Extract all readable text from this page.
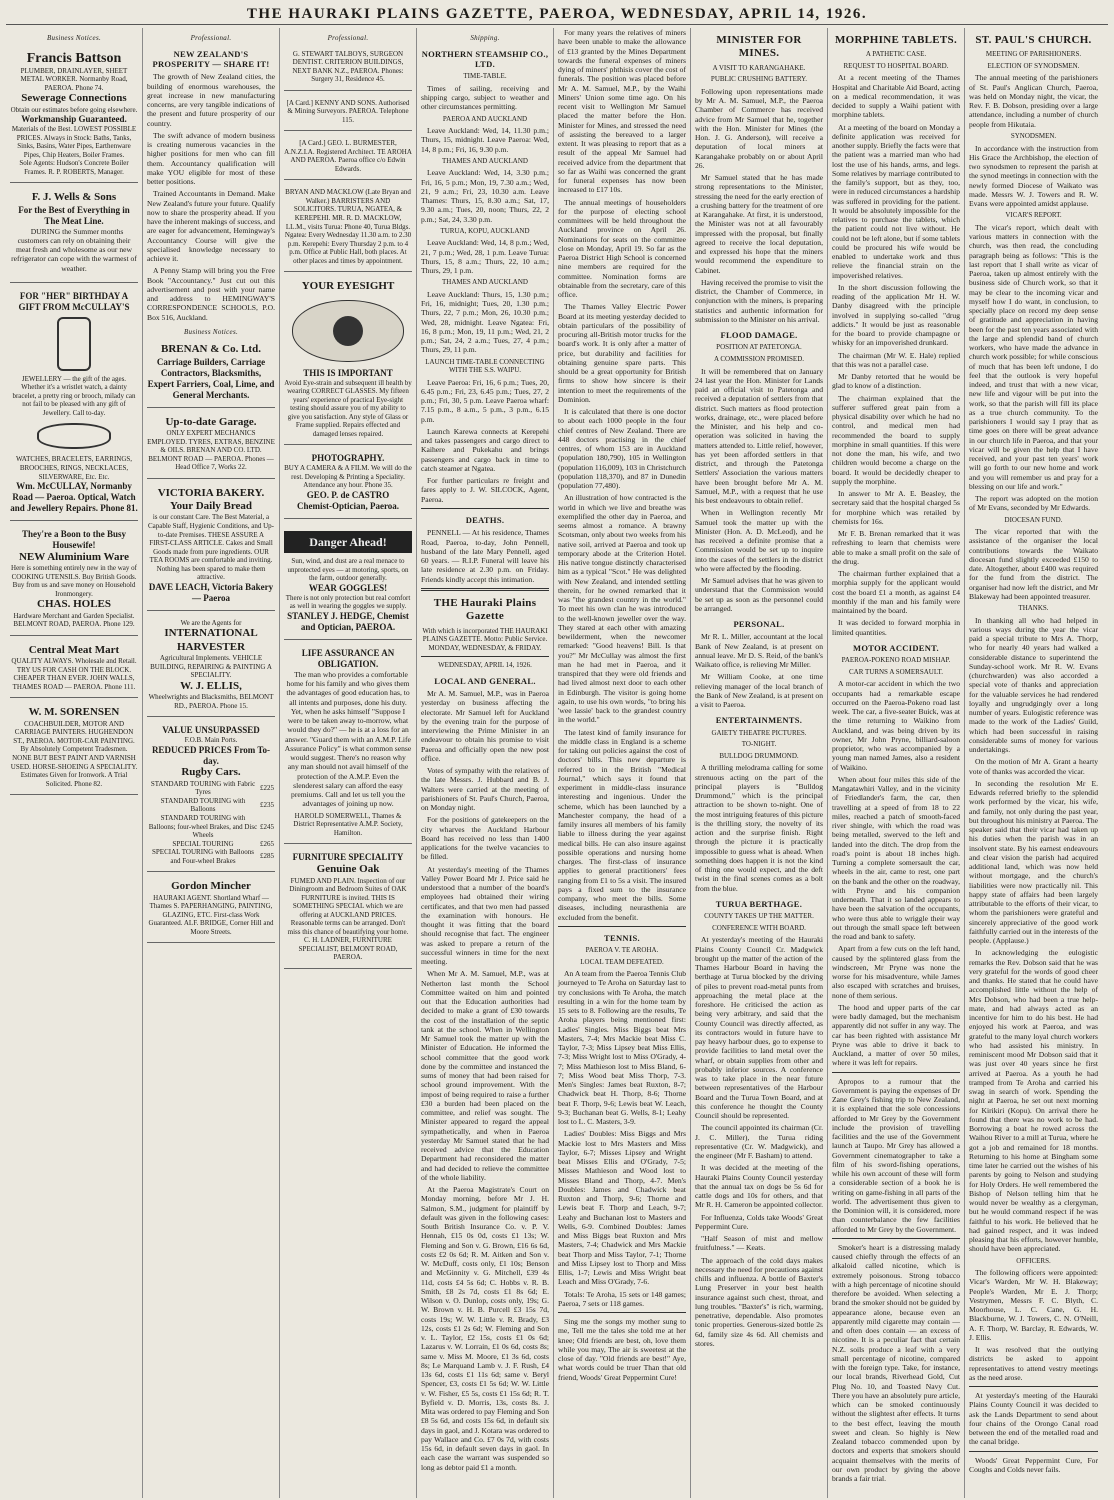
THE HAURAKI PLAINS GAZETTE, PAEROA, WEDNESDAY, APRIL 14, 1926.
Business Notices.
Francis Battson
PLUMBER, DRAINLAYER, SHEET METAL WORKER. Normanby Road, PAEROA. Phone 74.
Sewerage Connections
Obtain our estimates before going elsewhere.
Workmanship Guaranteed.
Materials of the Best. LOWEST POSSIBLE PRICES. Always in Stock: Baths, Tanks, Sinks, Basins, Water Pipes, Earthenware Pipes, Chip Heaters, Boiler Frames.
Sole Agents: Hudson's Concrete Boiler Frames. R. P. ROBERTS, Manager.
F. J. Wells & Sons
For the Best of Everything in The Meat Line.

DURING the Summer months customers can rely on obtaining their meat fresh and wholesome as our new refrigerator can cope with the warmest of weather.

FOR "HER" BIRTHDAY A GIFT FROM McCULLAY'S
JEWELLERY — the gift of the ages. Whether it's a wristlet watch, a dainty bracelet, a pretty ring or brooch, milady can not fail to be pleased with any gift of Jewellery. Call to-day.
WATCHES, BRACELETS, EARRINGS, BROOCHES, RINGS, NECKLACES, SILVERWARE, Etc. Etc.
Wm. McCULLAY, Normanby Road — Paeroa. Optical, Watch and Jewellery Repairs. Phone 81.
They're a Boon to the Busy Housewife!
NEW Aluminium Ware
Here is something entirely new in the way of COOKING UTENSILS. Buy British Goods. Buy from us and save money on Household Ironmongery.
CHAS. HOLES
Hardware Merchant and Garden Specialist. BELMONT ROAD, PAEROA. Phone 129.
Central Meat Mart
QUALITY ALWAYS. Wholesale and Retail. TRY US FOR CASH ON THE BLOCK. CHEAPER THAN EVER. JOHN WALLS, THAMES ROAD — PAEROA. Phone 111.
W. M. SORENSEN
COACHBUILDER, MOTOR AND CARRIAGE PAINTERS. HUGHENDON ST., PAEROA. MOTOR-CAR PAINTING. By Absolutely Competent Tradesmen. NONE BUT BEST PAINT AND VARNISH USED. HORSE-SHOEING A SPECIALITY. Estimates Given for Ironwork. A Trial Solicited. Phone 82.
Professional.
NEW ZEALAND'S PROSPERITY — SHARE IT!

The growth of New Zealand cities, the building of enormous warehouses, the great increase in new manufacturing concerns, are very tangible indications of the present and future prosperity of our country.

The swift advance of modern business is creating numerous vacancies in the higher positions for men who can fill them. Accountancy qualification will make YOU eligible for most of these better positions.

Trained Accountants in Demand. Make New Zealand's future your future. Qualify now to share the prosperity ahead. If you have the inherent makings of success, and are eager for advancement, Hemingway's Accountancy Course will give the specialised knowledge necessary to achieve it.

A Penny Stamp will bring you the Free Book "Accountancy." Just cut out this advertisement and post with your name and address to HEMINGWAY'S CORRESPONDENCE SCHOOLS, P.O. Box 516, Auckland.

Business Notices.
BRENAN & Co. Ltd.
Carriage Builders, Carriage Contractors, Blacksmiths, Expert Farriers, Coal, Lime, and General Merchants.
Up-to-date Garage.
ONLY EXPERT MECHANICS EMPLOYED. TYRES, EXTRAS, BENZINE & OILS. BRENAN AND CO. LTD. BELMONT ROAD — PAEROA. Phones — Head Office 7, Works 22.
VICTORIA BAKERY.
Your Daily Bread
is our constant Care. The Best Material, a Capable Staff, Hygienic Conditions, and Up-to-date Premises. THESE ASSURE A FIRST-CLASS ARTICLE. Cakes and Small Goods made from pure ingredients. OUR TEA ROOMS are comfortable and inviting. Nothing has been spared to make them attractive.
DAVE LEACH, Victoria Bakery — Paeroa
We are the Agents for
INTERNATIONAL HARVESTER
Agricultural Implements. VEHICLE BUILDING, REPAIRING & PAINTING A SPECIALITY.
W. J. ELLIS,
Wheelwrights and Blacksmiths, BELMONT RD., PAEROA. Phone 15.
VALUE UNSURPASSED
F.O.B. Main Ports.
REDUCED PRICES From To-day.
Rugby Cars.
STANDARD TOURING with Fabric Tyres	£225
STANDARD TOURING with Balloons	£235
STANDARD TOURING with Balloons; four-wheel Brakes, and Disc Wheels	£245
SPECIAL TOURING	£265
SPECIAL TOURING with Balloons and Four-wheel Brakes	£285
Gordon Mincher
HAURAKI AGENT. Shortland Wharf — Thames S. PAPERHANGING, PAINTING, GLAZING, ETC. First-class Work Guaranteed. ALF. BRIDGE, Corner Hill and Moore Streets.
Professional.
G. STEWART TALBOYS, SURGEON DENTIST. CRITERION BUILDINGS, NEXT BANK N.Z., PAEROA. Phones: Surgery 31, Residence 45.
[A Card.] KENNY AND SONS. Authorised & Mining Surveyors. PAEROA. Telephone 115.
[A Card.] GEO. L. BURMESTER, A.N.Z.I.A. Registered Architect. TE AROHA AND PAEROA. Paeroa office c/o Edwin Edwards.
BRYAN AND MACKLOW (Late Bryan and Walker.) BARRISTERS AND SOLICITORS. TURUA, NGATEA, & KEREPEHI. MR. R. D. MACKLOW, LL.M., visits Turua: Phone 40, Turua Bldgs. Ngatea: Every Wednesday 11.30 a.m. to 2.30 p.m. Kerepehi: Every Thursday 2 p.m. to 4 p.m. Office at Public Hall, both places. At other places and times by appointment.
YOUR EYESIGHT
THIS IS IMPORTANT
Avoid Eye-strain and subsequent ill health by wearing CORRECT GLASSES. My fifteen years' experience of practical Eye-sight testing should assure you of my ability to give you satisfaction. Any style of Glass or Frame supplied. Repairs effected and damaged lenses repaired.
PHOTOGRAPHY.
BUY A CAMERA & A FILM. We will do the rest. Developing & Printing a Speciality. Attendance any hour. Phone 35.
GEO. P. de CASTRO
Chemist-Optician, Paeroa.
Danger Ahead!
Sun, wind, and dust are a real menace to unprotected eyes — at motoring, sports, on the farm, outdoor generally.
WEAR GOGGLES!
There is not only protection but real comfort as well in wearing the goggles we supply.
STANLEY J. HEDGE, Chemist and Optician, PAEROA.
LIFE ASSURANCE AN OBLIGATION.

The man who provides a comfortable home for his family and who gives them the advantages of good education has, to all intents and purposes, done his duty. Yet, when he asks himself "Suppose I were to be taken away to-morrow, what would they do?" — he is at a loss for an answer. "Guard them with an A.M.P. Life Assurance Policy" is what common sense would suggest. There's no reason why any man should not avail himself of the protection of the A.M.P. Even the slenderest salary can afford the easy premiums. Call and let us tell you the advantages of joining up now.

HAROLD SOMERWELL, Thames & District Representative A.M.P. Society, Hamilton.
FURNITURE SPECIALITY
Genuine Oak
FUMED AND PLAIN. Inspection of our Diningroom and Bedroom Suites of OAK FURNITURE is invited. THIS IS SOMETHING SPECIAL which we are offering at AUCKLAND PRICES. Reasonable terms can be arranged. Don't miss this chance of beautifying your home.
C. H. LADNER, FURNITURE SPECIALIST, BELMONT ROAD, PAEROA.
Shipping.
NORTHERN STEAMSHIP CO., LTD.
TIME-TABLE.

Times of sailing, receiving and shipping cargo, subject to weather and other circumstances permitting.

PAEROA AND AUCKLAND

Leave Auckland: Wed, 14, 11.30 p.m.; Thurs, 15, midnight. Leave Paeroa: Wed, 14, 8 p.m.; Fri, 16, 9.30 p.m.

THAMES AND AUCKLAND

Leave Auckland: Wed, 14, 3.30 p.m.; Fri, 16, 5 p.m.; Mon, 19, 7.30 a.m.; Wed, 21, 9 a.m.; Fri, 23, 10.30 a.m. Leave Thames: Thurs, 15, 8.30 a.m.; Sat, 17, 9.30 a.m.; Tues, 20, noon; Thurs, 22, 2 p.m.; Sat, 24, 3.30 p.m.

TURUA, KOPU, AUCKLAND

Leave Auckland: Wed, 14, 8 p.m.; Wed, 21, 7 p.m.; Wed, 28, 1 p.m. Leave Turua: Thurs, 15, 8 a.m.; Thurs, 22, 10 a.m.; Thurs, 29, 1 p.m.

THAMES AND AUCKLAND

Leave Auckland: Thurs, 15, 1.30 p.m.; Fri, 16, midnight; Tues, 20, 1.30 p.m.; Thurs, 22, 7 p.m.; Mon, 26, 10.30 p.m.; Wed, 28, midnight. Leave Ngatea: Fri, 16, 8 p.m.; Mon, 19, 11 p.m.; Wed, 21, 2 p.m.; Sat, 24, 2 a.m.; Tues, 27, 4 p.m.; Thurs, 29, 11 p.m.

LAUNCH TIME-TABLE CONNECTING WITH THE S.S. WAIPU.

Leave Paeroa: Fri, 16, 6 p.m.; Tues, 20, 6.45 p.m.; Fri, 23, 6.45 p.m.; Tues, 27, 2 p.m.; Fri, 30, 5 p.m. Leave Paeroa wharf: 7.15 p.m., 8 a.m., 5 p.m., 3 p.m., 6.15 p.m.

Launch Karewa connects at Kerepehi and takes passengers and cargo direct to Kaihere and Pukekahu and brings passengers and cargo back in time to catch steamer at Ngatea.

For further particulars re freight and fares apply to J. W. SILCOCK, Agent, Paeroa.

DEATHS.

PENNELL — At his residence, Thames Road, Paeroa, to-day, John Pennell, husband of the late Mary Pennell, aged 60 years. — R.I.P. Funeral will leave his late residence at 2.30 p.m. on Friday. Friends kindly accept this intimation.

THE Hauraki Plains Gazette
With which is incorporated THE HAURAKI PLAINS GAZETTE. Motto: Public Service. MONDAY, WEDNESDAY, & FRIDAY.
WEDNESDAY, APRIL 14, 1926.
LOCAL AND GENERAL.

Mr A. M. Samuel, M.P., was in Paeroa yesterday on business affecting the electorate. Mr Samuel left for Auckland by the evening train for the purpose of interviewing the Prime Minister in an endeavour to obtain his promise to visit Paeroa and officially open the new post office.

Votes of sympathy with the relatives of the late Messrs. J. Hubbard and B. J. Walters were carried at the meeting of parishioners of St. Paul's Church, Paeroa, on Monday night.

For the positions of gatekeepers on the city wharves the Auckland Harbour Board has received no less than 1400 applications for the twelve vacancies to be filled.

At yesterday's meeting of the Thames Valley Power Board Mr J. Price said he understood that a number of the board's employees had obtained their wiring certificates, and that two men had passed the examination with honours. He thought it was fitting that the board should recognise that fact. The engineer was asked to prepare a return of the successful winners in time for the next meeting.

When Mr A. M. Samuel, M.P., was at Netherton last month the School Committee waited on him and pointed out that the Education authorities had decided to make a grant of £30 towards the cost of the installation of the septic tank at the school. When in Wellington Mr Samuel took the matter up with the Minister of Education. He informed the school committee that the good work done by the committee and instanced the sums of money that had been raised for school ground improvement. With the impost of being required to raise a further £30 a burden had been placed on the committee, and relief was sought. The Minister appeared to regard the appeal sympathetically, and when in Paeroa yesterday Mr Samuel stated that he had received advice that the Education Department had reconsidered the matter and had decided to relieve the committee of the whole liability.

At the Paeroa Magistrate's Court on Monday morning, before Mr J. H. Salmon, S.M., judgment for plaintiff by default was given in the following cases: South British Insurance Co. v. P. V. Hennah, £15 0s 0d, costs £1 13s; W. Fleming and Son v. G. Brown, £16 6s 6d, costs £2 0s 6d; R. M. Aitken and Son v. W. McDuff, costs only, £1 10s; Benson and McGinnity v. G. Mitchell, £39 4s 11d, costs £4 5s 6d; C. Hobbs v. R. B. Smith, £8 2s 7d, costs £1 8s 6d; E. Wilson v. O. Dunlop, costs only, 19s; G. W. Brown v. H. B. Purcell £3 15s 7d, costs 19s; W. W. Little v. R. Brady, £3 12s, costs £1 2s 6d; W. Fleming and Son v. L. Taylor, £2 15s, costs £1 0s 6d; Lazarus v. W. Lorrain, £1 0s 6d, costs 8s; same v. Miss M. Moore, £1 3s 6d, costs 8s; Le Marquand Lamb v. J. F. Rush, £4 13s 6d, costs £1 11s 6d; same v. Beryl Spencer, £3, costs £1 5s 6d; W. W. Little v. W. Fisher, £5 5s, costs £1 15s 6d; R. T. Byfield v. D. Morris, 13s, costs 8s. J. Mita was ordered to pay Fleming and Son £8 5s 6d, and costs 15s 6d, in default six days in gaol, and J. Kotara was ordered to pay Wallace and Co. £7 0s 7d, with costs 15s 6d, in default seven days in gaol. In each case the warrant was suspended so long as debtor paid £1 a month.

For many years the relatives of miners have been unable to make the allowance of £13 granted by the Mines Department towards the funeral expenses of miners dying of miners' phthisis cover the cost of funerals. The position was placed before Mr A. M. Samuel, M.P., by the Waihi Miners' Union some time ago. On his recent visit to Wellington Mr Samuel placed the matter before the Hon. Minister for Mines, and stressed the need of assisting the bereaved to a larger extent. It was pleasing to report that as a result of the appeal Mr Samuel had received advice from the department that so far as Waihi was concerned the grant for funeral expenses has now been increased to £17 10s.

The annual meetings of householders for the purpose of electing school committees will be held throughout the Auckland province on April 26. Nominations for seats on the committee close on Monday, April 19. So far as the Paeroa District High School is concerned nine members are required for the committee. Nomination forms are obtainable from the secretary, care of this office.

The Thames Valley Electric Power Board at its meeting yesterday decided to obtain particulars of the possibility of procuring all-British motor trucks for the board's work. It is only after a matter of price, but durability and facilities for obtaining genuine spare parts. This should be a great opportunity for British firms to show how sincere is their intention to meet the requirements of the Dominion.

It is calculated that there is one doctor to about each 1000 people in the four chief centres of New Zealand. There are 448 doctors practising in the chief centres, of whom 153 are in Auckland (population 180,790), 105 in Wellington (population 116,009), 103 in Christchurch (population 118,370), and 87 in Dunedin (population 77,480).

An illustration of how contracted is the world in which we live and breathe was exemplified the other day in Paeroa, and seems almost a romance. A brawny Scotsman, only about two weeks from his native soil, arrived at Paeroa and took up temporary abode at the Criterion Hotel. His native tongue distinctly characterised him as a typical "Scot." He was delighted with New Zealand, and intended settling therein, for he owned remarked that it was "the grandest country in the world." To meet his own clan he was introduced to the well-known jeweller over the way. They stared at each other with amazing bewilderment, when the newcomer remarked: "Good heavens! Bill. Is that you?" Mr McCullay was almost the first man he had met in Paeroa, and it transpired that they were old friends and had lived almost next door to each other in Edinburgh. The visitor is going home again, to use his own words, "to bring his 'wee lassie' back to the grandest country in the world."

The latest kind of family insurance for the middle class in England is a scheme for taking out policies against the cost of doctors' bills. This new departure is referred to in the British "Medical Journal," which says it found that experiment in middle-class insurance interesting and ingenious. Under the scheme, which has been launched by a Manchester company, the head of a family insures all members of his family liable to illness during the year against medical bills. He can also insure against possible operations and nursing home charges. The first-class of insurance applies to general practitioners' fees ranging from £1 to 5s a visit. The insured pays a fixed sum to the insurance company, who meet the bills. Some diseases, including neurasthenia are excluded from the benefit.

TENNIS.
PAEROA V. TE AROHA.
LOCAL TEAM DEFEATED.

An A team from the Paeroa Tennis Club journeyed to Te Aroha on Saturday last to try conclusions with Te Aroha, the match resulting in a win for the home team by 15 sets to 8. Following are the results, Te Aroha players being mentioned first: Ladies' Singles. Miss Biggs beat Mrs Masters, 7-4; Mrs Mackie beat Miss C. Taylor, 7-3; Miss Lipsey beat Miss Ellis, 7-3; Miss Wright lost to Miss O'Grady, 4-7; Miss Mathieson lost to Miss Bland, 6-7; Miss Wood beat Miss Thorp, 7-3. Men's Singles: James beat Ruxton, 8-7; Chadwick beat H. Thorp, 8-6; Thorne beat F. Thorp, 9-6; Lewis beat W. Leach, 9-3; Buchanan beat G. Wells, 8-1; Leahy lost to L. C. Masters, 3-9.

Ladies' Doubles: Miss Biggs and Mrs Mackie lost to Mrs Masters and Miss Taylor, 6-7; Misses Lipsey and Wright beat Misses Ellis and O'Grady, 7-5; Misses Mathieson and Wood lost to Misses Bland and Thorp, 4-7. Men's Doubles: James and Chadwick beat Ruxton and Thorp, 9-6; Thorne and Lewis beat F. Thorp and Leach, 9-7; Leahy and Buchanan lost to Masters and Wells, 6-9. Combined Doubles: James and Miss Biggs beat Ruxton and Mrs Masters, 7-4; Chadwick and Mrs Mackie beat Thorp and Miss Taylor, 7-1; Thorne and Miss Lipsey lost to Thorp and Miss Ellis, 1-7; Lewis and Miss Wright beat Leach and Miss O'Grady, 7-6.

Totals: Te Aroha, 15 sets or 148 games; Paeroa, 7 sets or 118 games.

Sing me the songs my mother sung to me, Tell me the tales she told me at her knee; Old friends are best, oh, love them while you may, The air is sweetest at the close of day. "Old friends are best!" Aye, what words could be truer Than that old friend, Woods' Great Peppermint Cure!

MINISTER FOR MINES.
A VISIT TO KARANGAHAKE.
PUBLIC CRUSHING BATTERY.

Following upon representations made by Mr A. M. Samuel, M.P., the Paeroa Chamber of Commerce has received advice from Mr Samuel that he, together with the Hon. Minister for Mines (the Hon. J. G. Anderson), will receive a deputation of local miners at Karangahake probably on or about April 26.

Mr Samuel stated that he has made strong representations to the Minister, stressing the need for the early erection of a crushing battery for the treatment of ore at Karangahake. At first, it is understood, the Minister was not at all favourably impressed with the proposal, but finally agreed to receive the local deputation, and expressed his hope that the miners would recommend the expenditure to Cabinet.

Having received the promise to visit the district, the Chamber of Commerce, in conjunction with the miners, is preparing statistics and authentic information for submission to the Minister on his arrival.

FLOOD DAMAGE.
POSITION AT PATETONGA.
A COMMISSION PROMISED.

It will be remembered that on January 24 last year the Hon. Minister for Lands paid an official visit to Patetonga and received a deputation of settlers from that district. Such matters as flood protection works, drainage, etc., were placed before the Minister, and his help and co-operation was solicited in having the matters attended to. Little relief, however, has yet been afforded settlers in that district, and through the Patetonga Settlers' Association the various matters have been brought before Mr A. M. Samuel, M.P., with a request that he use his best endeavours to obtain relief.

When in Wellington recently Mr Samuel took the matter up with the Minister (Hon. A. D. McLeod), and he has received a definite promise that a Commission would be set up to inquire into the cases of the settlers in the district who were affected by the flooding.

Mr Samuel advises that he was given to understand that the Commission would be set up as soon as the personnel could be arranged.

PERSONAL.

Mr R. L. Miller, accountant at the local Bank of New Zealand, is at present on annual leave. Mr D. S. Reid, of the bank's Waikato office, is relieving Mr Miller.

Mr William Cooke, at one time relieving manager of the local branch of the Bank of New Zealand, is at present on a visit to Paeroa.

ENTERTAINMENTS.
GAIETY THEATRE PICTURES.
TO-NIGHT.
BULLDOG DRUMMOND.

A thrilling melodrama calling for some strenuous acting on the part of the principal players is "Bulldog Drummond," which is the principal attraction to be shown to-night. One of the most intriguing features of this picture is the thrilling story, the novelty of its action and the surprise finish. Right through the picture it is practically impossible to guess what is ahead. When something does happen it is not the kind of thing one would expect, and the deft twist in the final scenes comes as a bolt from the blue.

TURUA BERTHAGE.
COUNTY TAKES UP THE MATTER.
CONFERENCE WITH BOARD.

At yesterday's meeting of the Hauraki Plains County Council Cr. Madgwick brought up the matter of the action of the Thames Harbour Board in having the berthage at Turua blocked by the driving of piles to prevent road-metal punts from approaching the metal place at the foreshore. He criticised the action as being very arbitrary, and said that the County Council was directly affected, as its contractors would in future have to pay heavy harbour dues, go to expense to provide facilities to land metal over the wharf, or obtain supplies from other and probably inferior sources. A conference was to take place in the near future between representatives of the Harbour Board and the Turua Town Board, and at this conference he thought the County Council should be represented.

The council appointed its chairman (Cr. J. C. Miller), the Turua riding representative (Cr. W. Madgwick), and the engineer (Mr F. Basham) to attend.

It was decided at the meeting of the Hauraki Plains County Council yesterday that the annual tax on dogs be 5s 6d for cattle dogs and 10s for others, and that Mr R. H. Cameron be appointed collector.

For Influenza, Colds take Woods' Great Peppermint Cure.

"Half Season of mist and mellow fruitfulness." — Keats.

The approach of the cold days makes necessary the need for precautions against chills and influenza. A bottle of Baxter's Lung Preserver in your best health insurance against such chest, throat, and lung troubles. "Baxter's" is rich, warming, penetrative, dependable. Also promotes tonic properties. Generous-sized bottle 2s 6d, family size 4s 6d. All chemists and stores.

MORPHINE TABLETS.
A PATHETIC CASE.
REQUEST TO HOSPITAL BOARD.

At a recent meeting of the Thames Hospital and Charitable Aid Board, acting on a medical recommendation, it was decided to supply a Waihi patient with morphine tablets.

At a meeting of the board on Monday a definite application was received for another supply. Briefly the facts were that the patient was a married man who had lost the use of his hands, arms, and legs. Some relatives by marriage contributed to the family's support, but as they, too, were in reduced circumstances a hardship was suffered in providing for the patient. It would be absolutely impossible for the relatives to purchase the tablets, which the patient could not live without. He could not be left alone, but if some tablets could be procured his wife would be enabled to undertake work and thus relieve the financial strain on the impoverished relatives.

In the short discussion following the reading of the application Mr H. W. Danby disagreed with the principle involved in supplying so-called "drug addicts." It would be just as reasonable for the board to provide champagne or whisky for an impoverished drunkard.

The chairman (Mr W. E. Hale) replied that this was not a parallel case.

Mr Danby retorted that he would be glad to know of a distinction.

The chairman explained that the sufferer suffered great pain from a physical disability over which he had no control, and medical men had recommended the board to supply morphine in small quantities. If this were not done the man, his wife, and two children would become a charge on the board. It would be decidedly cheaper to supply the morphine.

In answer to Mr A. E. Beasley, the secretary said that the hospital charged 5s for morphine which was retailed by chemists for 16s.

Mr F. B. Brenan remarked that it was refreshing to learn that chemists were able to make a small profit on the sale of the drug.

The chairman further explained that a morphia supply for the applicant would cost the board £1 a month, as against £4 monthly if the man and his family were maintained by the board.

It was decided to forward morphia in limited quantities.

MOTOR ACCIDENT.
PAEROA-POKENO ROAD MISHAP.
CAR TURNS A SOMERSAULT.

A motor-car accident in which the two occupants had a remarkable escape occurred on the Paeroa-Pokeno road last week. The car, a five-seater Buick, was at the time returning to Waikino from Auckland, and was being driven by its owner, Mr John Pryne, billiard-saloon proprietor, who was accompanied by a young man named James, also a resident of Waikino.

When about four miles this side of the Mangatawhiri Valley, and in the vicinity of Friedlander's farm, the car, then travelling at a speed of from 18 to 22 miles, reached a patch of smooth-faced river shingle, with which the road was being metalled, swerved to the left and landed into the ditch. The drop from the road's point is about 18 inches high. Turning a complete somersault the car, wheels in the air, came to rest, one part on the bank and the other on the roadway, with Pryne and his companion underneath. That it so landed appears to have been the salvation of the occupants, who were thus able to wriggle their way out through the small space left between the road and bank to safety.

Apart from a few cuts on the left hand, caused by the splintered glass from the windscreen, Mr Pryne was none the worse for his misadventure, while James also escaped with scratches and bruises, none of them serious.

The hood and upper parts of the car were badly damaged, but the mechanism apparently did not suffer in any way. The car has been righted with assistance Mr Pryne was able to drive it back to Auckland, a matter of over 50 miles, where it was left for repairs.

Apropos to a rumour that the Government is paying the expenses of Dr Zane Grey's fishing trip to New Zealand, it is explained that the sole concessions afforded to Mr Grey by the Government include the provision of travelling facilities and the use of the Government launch at Taupo. Mr Grey has allowed a Government cinematographer to take a film of his sword-fishing operations, while his own account of these will form a considerable section of a book he is writing on game-fishing in all parts of the world. The advertisement thus given to the Dominion will, it is considered, more than counterbalance the few facilities afforded to Mr Grey by the Government.

Smoker's heart is a distressing malady caused chiefly through the effects of an alkaloid called nicotine, which is extremely poisonous. Strong tobacco with a high percentage of nicotine should therefore be avoided. When selecting a brand the smoker should not be guided by appearance alone, because even an apparently mild cigarette may contain — and often does contain — an excess of nicotine. It is a peculiar fact that certain N.Z. soils produce a leaf with a very small percentage of nicotine, compared with the foreign type. Take, for instance, our local brands, Riverhead Gold, Cut Plug No. 10, and Toasted Navy Cut. There you have an absolutely pure article, which can be smoked continuously without the slightest after effects. It turns to the best effect, leaving the mouth sweet and clean. So highly is New Zealand tobacco commended upon by doctors and experts that smokers should acquaint themselves with the merits of our own product by giving the above brands a fair trial.

ST. PAUL'S CHURCH.
MEETING OF PARISHIONERS.
ELECTION OF SYNODSMEN.

The annual meeting of the parishioners of St. Paul's Anglican Church, Paeroa, was held on Monday night, the vicar, the Rev. F. B. Dobson, presiding over a large attendance, including a number of church people from Hikutaia.

SYNODSMEN.

In accordance with the instruction from His Grace the Archbishop, the election of two synodsmen to represent the parish at the synod meetings in connection with the newly formed Diocese of Waikato was made. Messrs W. J. Towers and R. W. Evans were appointed amidst applause.

VICAR'S REPORT.

The vicar's report, which dealt with various matters in connection with the church, was then read, the concluding paragraph being as follows: "This is the last report that I shall write as vicar of Paeroa, taken up almost entirely with the business side of Church work, so that it may be clear to the incoming vicar and myself how I do want, in conclusion, to specially place on record my deep sense of gratitude and appreciation in having been for the past ten years associated with the large and splendid band of church workers, who have made the advance in church work possible; for while conscious of much that has been left undone, I do feel that the outlook is very hopeful indeed, and trust that with a new vicar, new life and vigour will be put into the work, so that the parish will fill its place as a true church community. To the parishioners I would say I pray that as time goes on there will be great advance in our church life in Paeroa, and that your vicar will be given the help that I have received, and your past ten years' work will go forth to our new home and work and you will remember us and pray for a blessing on our life and work."

The report was adopted on the motion of Mr Evans, seconded by Mr Edwards.

DIOCESAN FUND.

The vicar reported that with the assistance of the organiser the local contributions towards the Waikato diocesan fund slightly exceeded £150 to date. Altogether, about £400 was required for the fund from the district. The organiser had now left the district, and Mr Blakeway had been appointed treasurer.

THANKS.

In thanking all who had helped in various ways during the year the vicar paid a special tribute to Mrs A. Thorp, who for nearly 40 years had walked a considerable distance to superintend the Sunday-school work. Mr R. W. Evans (churchwarden) was also accorded a special vote of thanks and appreciation for the valuable services he had rendered loyally and ungrudgingly over a long number of years. Eulogistic reference was made to the work of the Ladies' Guild, which had been successful in raising considerable sums of money for various undertakings.

On the motion of Mr A. Grant a hearty vote of thanks was accorded the vicar.

In seconding the resolution Mr E. Edwards referred briefly to the splendid work performed by the vicar, his wife, and family, not only during the past year, but throughout his ministry at Paeroa. The speaker said that their vicar had taken up his duties when the parish was in an insolvent state. By his earnest endeavours and clear vision the parish had acquired additional land, which was now held without mortgage, and the church's liabilities were now practically nil. This happy state of affairs had been largely attributable to the efforts of their vicar, to whom the parishioners were grateful and sincerely appreciative of the good work faithfully carried out in the interests of the people. (Applause.)

In acknowledging the eulogistic remarks the Rev. Dobson said that he was very grateful for the words of good cheer and thanks. He stated that he could have accomplished little without the help of Mrs Dobson, who had been a true help-mate, and had always acted as an incentive for him to do his best. He had enjoyed his work at Paeroa, and was grateful to the many loyal church workers who had assisted his ministry. In reminiscent mood Mr Dobson said that it was just over 40 years since he first arrived at Paeroa. As a youth he had tramped from Te Aroha and carried his swag in search of work. Spending the night at Paeroa, he set out next morning for Kirikiri (Kopu). On arrival there he found that there was no work to be had. Borrowing a boat he rowed across the Waihou River to a mill at Turua, where he got a job and remained for 18 months. Returning to his home at Bingham some time later he carried out the wishes of his parents by going to Nelson and studying for Holy Orders. He well remembered the Bishop of Nelson telling him that he would never be wealthy as a clergyman, but he would command respect if he was faithful to his work. He believed that he had gained respect, and it was indeed pleasing that his efforts, however humble, should have been appreciated.

OFFICERS.

The following officers were appointed: Vicar's Warden, Mr W. H. Blakeway; People's Warden, Mr E. J. Thorp; Vestrymen, Messrs F. C. Blyth, C. Moorhouse, L. C. Cane, G. H. Blackburne, W. J. Towers, C. N. O'Neill, A. F. Thorp, W. Barclay, R. Edwards, W. J. Ellis.

It was resolved that the outlying districts be asked to appoint representatives to attend vestry meetings as the need arose.

At yesterday's meeting of the Hauraki Plains County Council it was decided to ask the Lands Department to send about four chains of the Orongo Canal road between the end of the metalled road and the canal bridge.

Woods' Great Peppermint Cure, For Coughs and Colds never fails.
